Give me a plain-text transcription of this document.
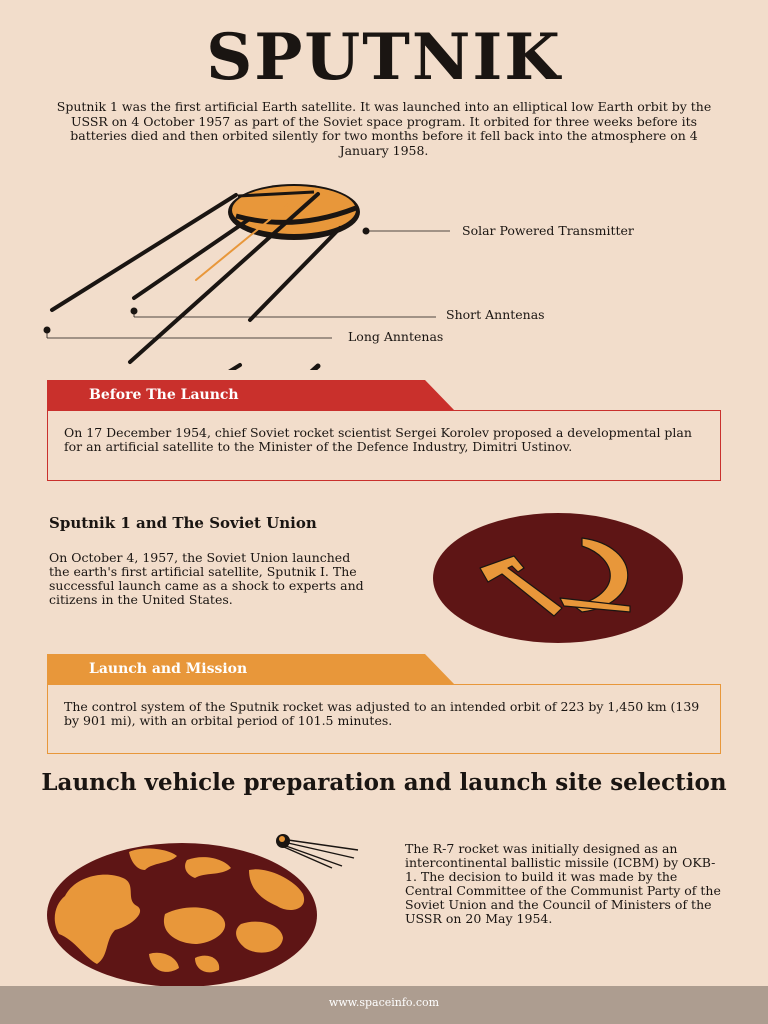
SPUTNIK
Sputnik 1 was the first artificial Earth satellite. It was launched into an elliptical low Earth orbit by the USSR on 4 October 1957 as part of the Soviet space program. It orbited for three weeks before its batteries died and then orbited silently for two months before it fell back into the atmosphere on 4 January 1958.
Solar Powered Transmitter
Short Anntenas
Long Anntenas
Before The Launch
On 17 December 1954, chief Soviet rocket scientist Sergei Korolev proposed a developmental plan for an artificial satellite to the Minister of the Defence Industry, Dimitri Ustinov.
Sputnik 1 and The Soviet Union
On October 4, 1957, the Soviet Union launched the earth's first artificial satellite, Sputnik I. The successful launch came as a shock to experts and citizens in the United States.
Launch and Mission
The control system of the Sputnik rocket was adjusted to an intended orbit of 223 by 1,450 km (139 by 901 mi), with an orbital period of 101.5 minutes.
Launch vehicle preparation and launch site selection
The R-7 rocket was initially designed as an intercontinental ballistic missile (ICBM) by OKB-1. The decision to build it was made by the Central Committee of the Communist Party of the Soviet Union and the Council of Ministers of the USSR on 20 May 1954.
www.spaceinfo.com
